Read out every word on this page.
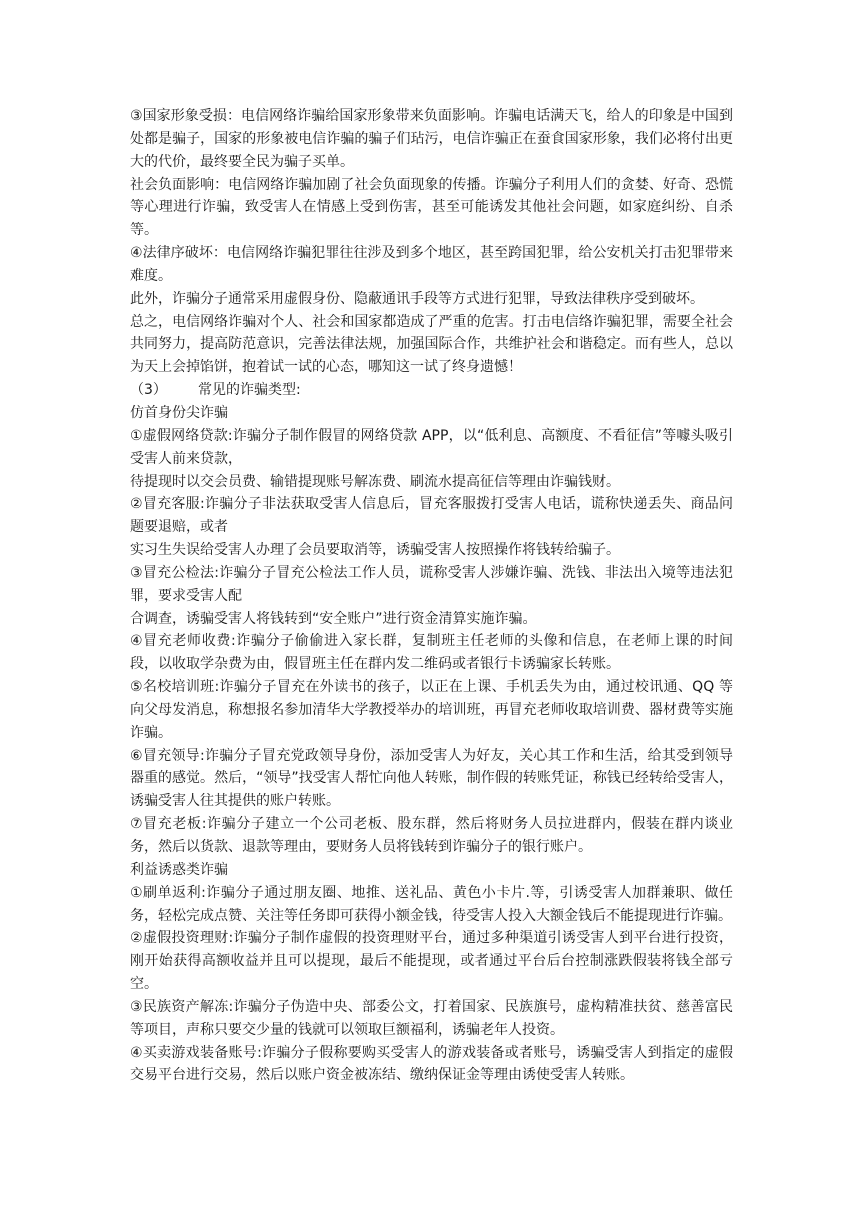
③国家形象受损：电信网络诈骗给国家形象带来负面影响。诈骗电话满天飞，给人的印象是中国到处都是骗子，国家的形象被电信诈骗的骗子们玷污，电信诈骗正在蚕食国家形象，我们必将付出更大的代价，最终要全民为骗子买单。

社会负面影响：电信网络诈骗加剧了社会负面现象的传播。诈骗分子利用人们的贪婪、好奇、恐慌等心理进行诈骗，致受害人在情感上受到伤害，甚至可能诱发其他社会问题，如家庭纠纷、自杀等。

④法律序破坏：电信网络诈骗犯罪往往涉及到多个地区，甚至跨国犯罪，给公安机关打击犯罪带来难度。

此外，诈骗分子通常采用虚假身份、隐蔽通讯手段等方式进行犯罪，导致法律秩序受到破坏。

总之，电信网络诈骗对个人、社会和国家都造成了严重的危害。打击电信络诈骗犯罪，需要全社会共同努力，提高防范意识，完善法律法规，加强国际合作，共维护社会和谐稳定。而有些人，总以为天上会掉馅饼，抱着试一试的心态，哪知这一试了终身遗憾！

（3） 常见的诈骗类型:

仿首身份尖诈骗

①虚假网络贷款:诈骗分子制作假冒的网络贷款 APP，以“低利息、高额度、不看征信”等噱头吸引受害人前来贷款，

待提现时以交会员费、输错提现账号解冻费、刷流水提高征信等理由诈骗钱财。

②冒充客服:诈骗分子非法获取受害人信息后，冒充客服拨打受害人电话，谎称快递丢失、商品问题要退赔，或者

实习生失误给受害人办理了会员要取消等，诱骗受害人按照操作将钱转给骗子。

③冒充公检法:诈骗分子冒充公检法工作人员，谎称受害人涉嫌诈骗、洗钱、非法出入境等违法犯罪，要求受害人配

合调查，诱骗受害人将钱转到“安全账户”进行资金清算实施诈骗。

④冒充老师收费:诈骗分子偷偷进入家长群，复制班主任老师的头像和信息，在老师上课的时间段，以收取学杂费为由，假冒班主任在群内发二维码或者银行卡诱骗家长转账。

⑤名校培训班:诈骗分子冒充在外读书的孩子，以正在上课、手机丢失为由，通过校讯通、QQ 等向父母发消息，称想报名参加清华大学教授举办的培训班，再冒充老师收取培训费、器材费等实施诈骗。

⑥冒充领导:诈骗分子冒充党政领导身份，添加受害人为好友，关心其工作和生活，给其受到领导器重的感觉。然后，“领导”找受害人帮忙向他人转账，制作假的转账凭证，称钱已经转给受害人，诱骗受害人往其提供的账户转账。

⑦冒充老板:诈骗分子建立一个公司老板、股东群，然后将财务人员拉进群内，假装在群内谈业务，然后以货款、退款等理由，要财务人员将钱转到诈骗分子的银行账户。

利益诱惑类诈骗

①刷单返利:诈骗分子通过朋友圈、地推、送礼品、黄色小卡片.等，引诱受害人加群兼职、做任务，轻松完成点赞、关注等任务即可获得小额金钱，待受害人投入大额金钱后不能提现进行诈骗。

②虚假投资理财:诈骗分子制作虚假的投资理财平台，通过多种渠道引诱受害人到平台进行投资，刚开始获得高额收益并且可以提现，最后不能提现，或者通过平台后台控制涨跌假装将钱全部亏空。

③民族资产解冻:诈骗分子伪造中央、部委公文，打着国家、民族旗号，虚构精准扶贫、慈善富民等项目，声称只要交少量的钱就可以领取巨额福利，诱骗老年人投资。

④买卖游戏装备账号:诈骗分子假称要购买受害人的游戏装备或者账号，诱骗受害人到指定的虚假交易平台进行交易，然后以账户资金被冻结、缴纳保证金等理由诱使受害人转账。
